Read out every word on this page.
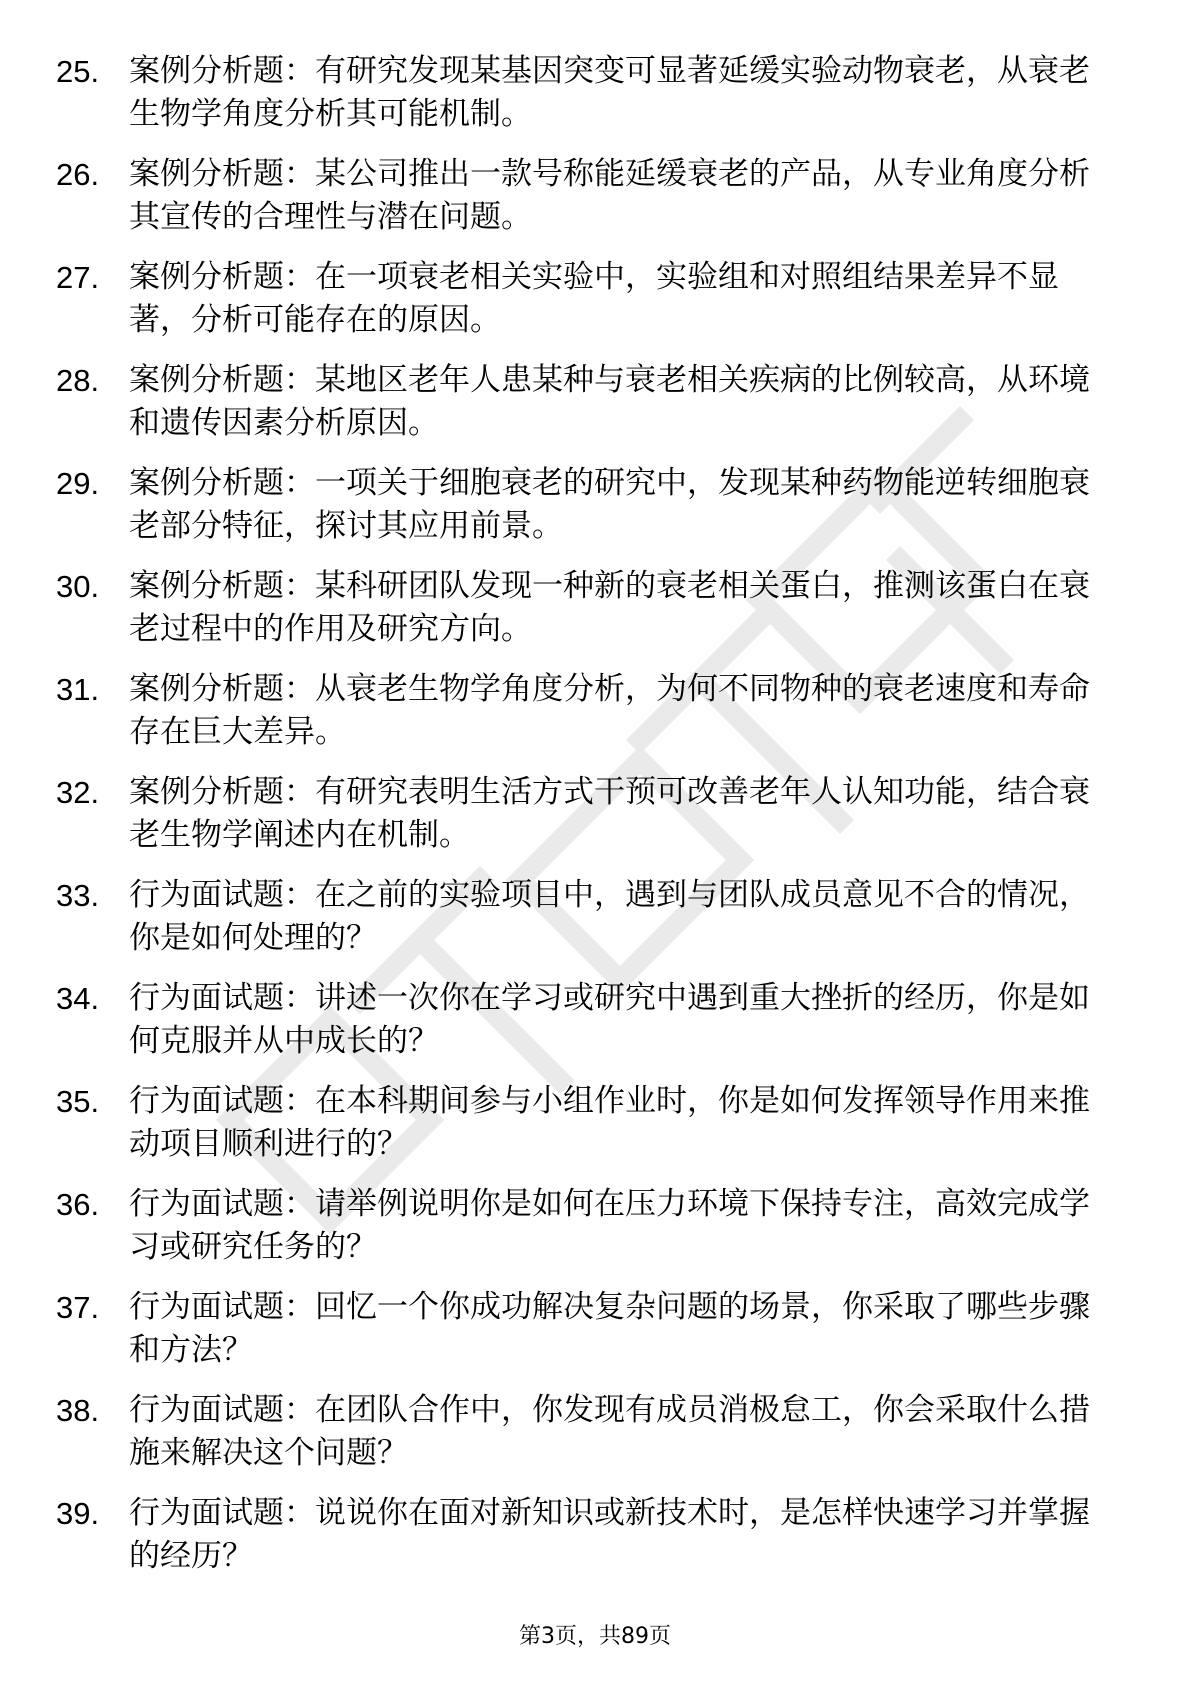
25. 案例分析题：有研究发现某基因突变可显著延缓实验动物衰老，从衰老生物学角度分析其可能机制。
26. 案例分析题：某公司推出一款号称能延缓衰老的产品，从专业角度分析其宣传的合理性与潜在问题。
27. 案例分析题：在一项衰老相关实验中，实验组和对照组结果差异不显著，分析可能存在的原因。
28. 案例分析题：某地区老年人患某种与衰老相关疾病的比例较高，从环境和遗传因素分析原因。
29. 案例分析题：一项关于细胞衰老的研究中，发现某种药物能逆转细胞衰老部分特征，探讨其应用前景。
30. 案例分析题：某科研团队发现一种新的衰老相关蛋白，推测该蛋白在衰老过程中的作用及研究方向。
31. 案例分析题：从衰老生物学角度分析，为何不同物种的衰老速度和寿命存在巨大差异。
32. 案例分析题：有研究表明生活方式干预可改善老年人认知功能，结合衰老生物学阐述内在机制。
33. 行为面试题：在之前的实验项目中，遇到与团队成员意见不合的情况，你是如何处理的？
34. 行为面试题：讲述一次你在学习或研究中遇到重大挫折的经历，你是如何克服并从中成长的？
35. 行为面试题：在本科期间参与小组作业时，你是如何发挥领导作用来推动项目顺利进行的？
36. 行为面试题：请举例说明你是如何在压力环境下保持专注，高效完成学习或研究任务的？
37. 行为面试题：回忆一个你成功解决复杂问题的场景，你采取了哪些步骤和方法？
38. 行为面试题：在团队合作中，你发现有成员消极怠工，你会采取什么措施来解决这个问题？
39. 行为面试题：说说你在面对新知识或新技术时，是怎样快速学习并掌握的经历？
第3页，共89页
